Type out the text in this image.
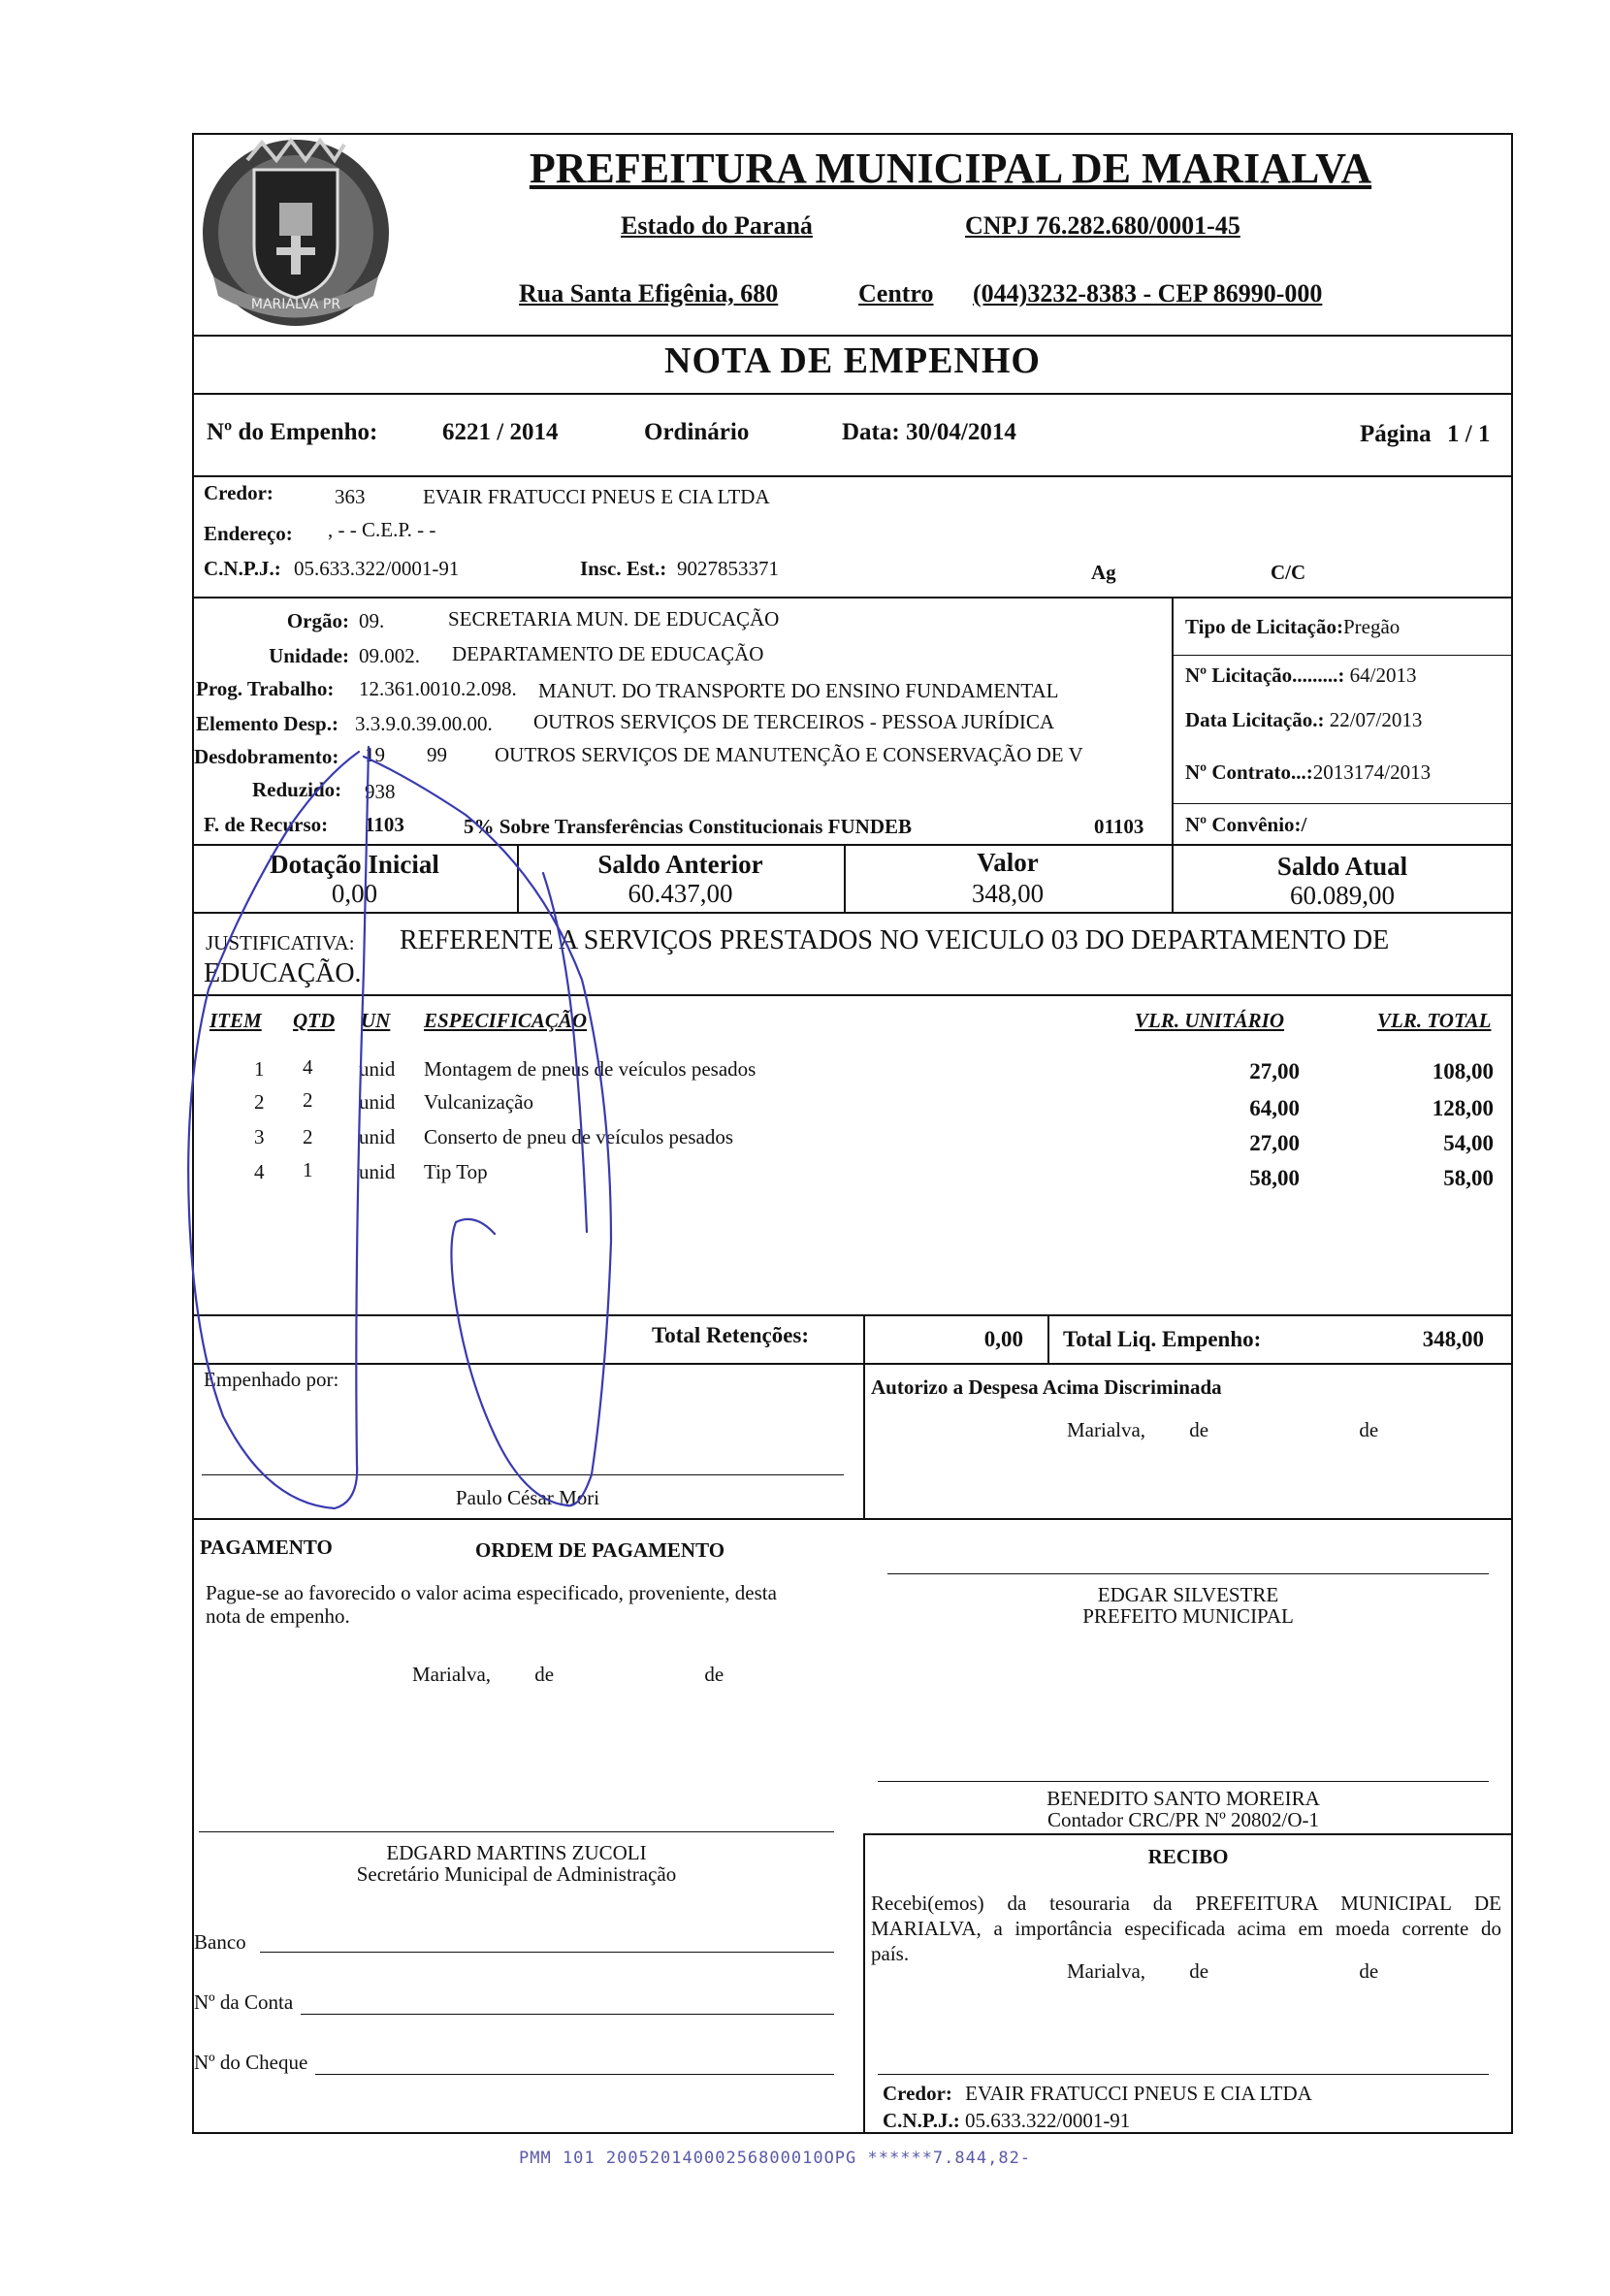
MARIALVA PR
PREFEITURA MUNICIPAL DE MARIALVA
Estado do Paraná	CNPJ 76.282.680/0001-45
Rua Santa Efigênia, 680	Centro (044)3232-8383 - CEP 86990-000
NOTA DE EMPENHO
Nº do Empenho:	6221 / 2014	Ordinário	Data: 30/04/2014	Página 1 / 1
Credor:	363	EVAIR FRATUCCI PNEUS E CIA LTDA
Endereço: , - - C.E.P. - -
C.N.P.J.: 05.633.322/0001-91	Insc. Est.: 9027853371	Ag	C/C
Orgão: 09.	SECRETARIA MUN. DE EDUCAÇÃO
Unidade: 09.002. DEPARTAMENTO DE EDUCAÇÃO
Prog. Trabalho: 12.361.0010.2.098. MANUT. DO TRANSPORTE DO ENSINO FUNDAMENTAL
Elemento Desp.: 3.3.9.0.39.00.00. OUTROS SERVIÇOS DE TERCEIROS - PESSOA JURÍDICA
Desdobramento: 19 99 OUTROS SERVIÇOS DE MANUTENÇÃO E CONSERVAÇÃO DE V
Reduzido: 938
F. de Recurso: 1103	5% Sobre Transferências Constitucionais FUNDEB	01103
Tipo de Licitação:Pregão
Nº Licitação.........: 64/2013
Data Licitação.: 22/07/2013
Nº Contrato...:2013174/2013
Nº Convênio:/
Dotação Inicial
0,00
Saldo Anterior
60.437,00
Valor
348,00
Saldo Atual
60.089,00
JUSTIFICATIVA: REFERENTE A SERVIÇOS PRESTADOS NO VEICULO 03 DO DEPARTAMENTO DE
EDUCAÇÃO.
ITEM QTD UN ESPECIFICAÇÃO	VLR. UNITÁRIO	VLR. TOTAL
1 4 unid Montagem de pneus de veículos pesados	27,00	108,00
2 2 unid Vulcanização	64,00	128,00
3 2 unid Conserto de pneu de veículos pesados	27,00	54,00
4 1 unid Tip Top	58,00	58,00
Total Retenções:	0,00 Total Liq. Empenho:	348,00
Empenhado por:
Paulo César Mori
Autorizo a Despesa Acima Discriminada
Marialva, de	de
PAGAMENTO	ORDEM DE PAGAMENTO
Pague-se ao favorecido o valor acima especificado, proveniente, desta
nota de empenho.
Marialva, de	de
EDGAR SILVESTRE
PREFEITO MUNICIPAL
BENEDITO SANTO MOREIRA
Contador CRC/PR Nº 20802/O-1
EDGARD MARTINS ZUCOLI
Secretário Municipal de Administração
RECIBO
Recebi(emos) da tesouraria da PREFEITURA MUNICIPAL DE
MARIALVA, a importância especificada acima em moeda corrente do
país.
Marialva, de	de
Credor: EVAIR FRATUCCI PNEUS E CIA LTDA
C.N.P.J.: 05.633.322/0001-91
Banco
Nº da Conta
Nº do Cheque
PMM 101 20052014000256800010OPG ******7.844,82-
